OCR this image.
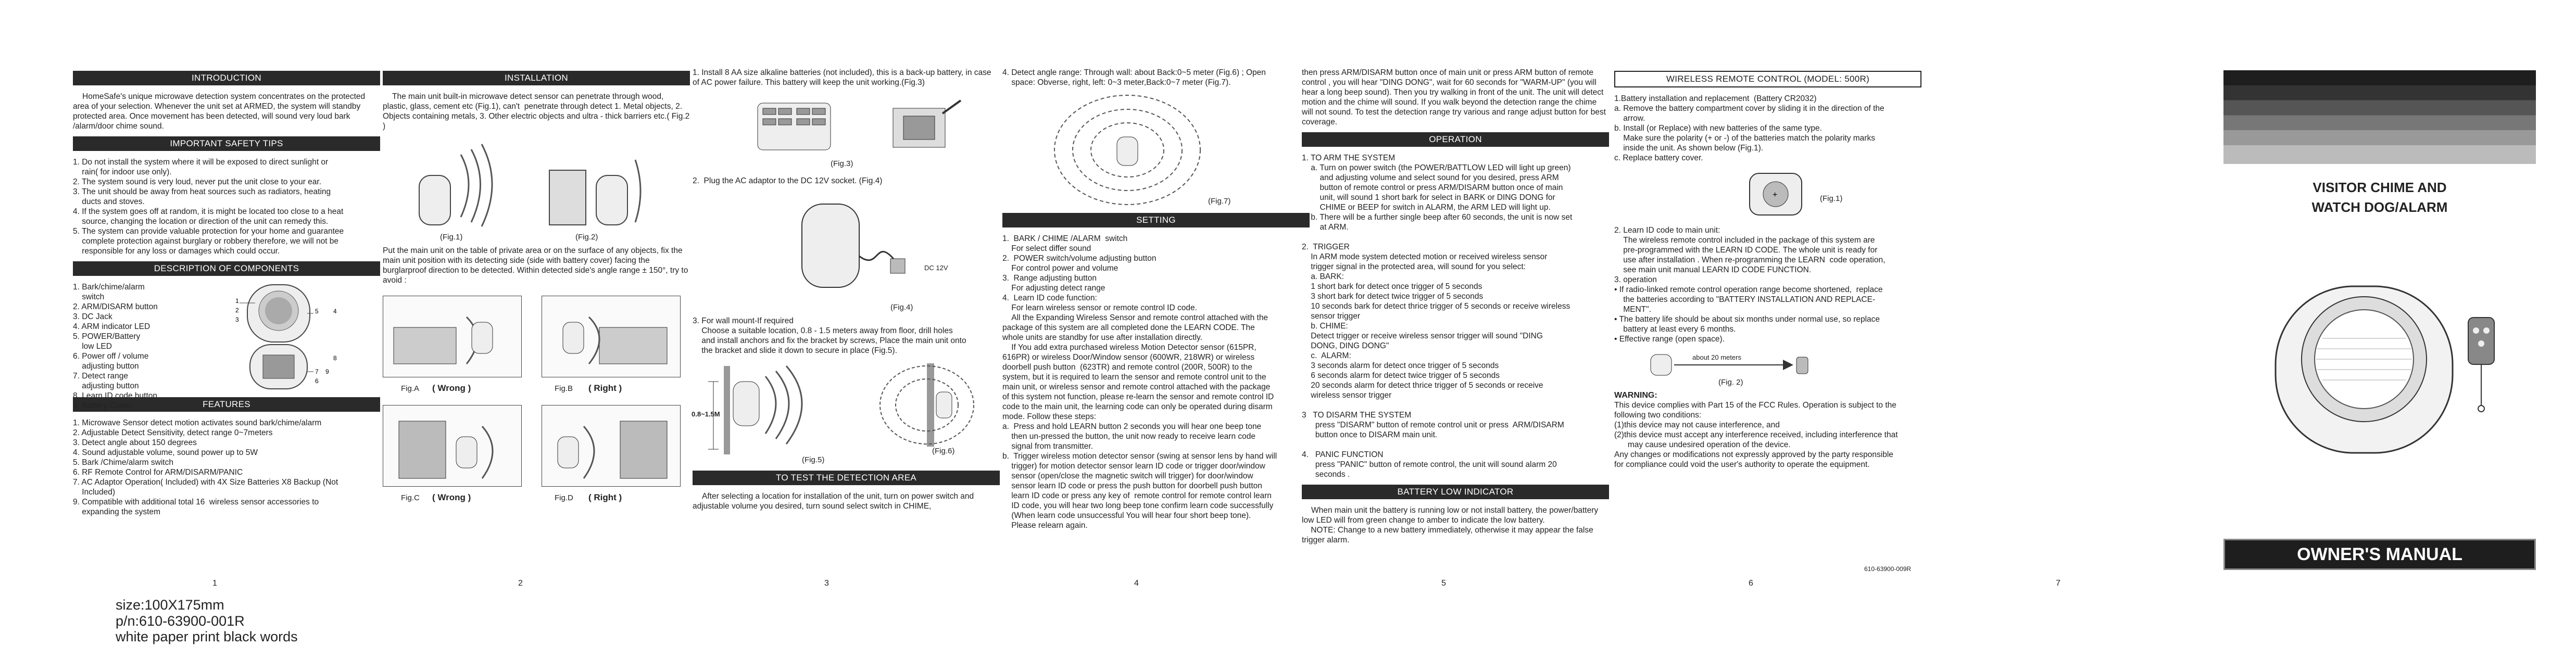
INTRODUCTION

HomeSafe's unique microwave detection system concentrates on the protected area of your selection. Whenever the unit set at ARMED, the system will standby protected area. Once movement has been detected, will sound very loud bark /alarm/door chime sound.

IMPORTANT SAFETY TIPS

1. Do not install the system where it will be exposed to direct sunlight or
rain( for indoor use only).
2. The system sound is very loud, never put the unit close to your ear.
3. The unit should be away from heat sources such as radiators, heating
ducts and stoves.
4. If the system goes off at random, it is might be located too close to a heat
source, changing the location or direction of the unit can remedy this.
5. The system can provide valuable protection for your home and guarantee
complete protection against burglary or robbery therefore, we will not be
responsible for any loss or damages which could occur.

DESCRIPTION OF COMPONENTS

1. Bark/chime/alarm
switch
2. ARM/DISARM button
3. DC Jack
4. ARM indicator LED
5. POWER/Battery
low LED
6. Power off / volume
adjusting button
7. Detect range
adjusting button
8. Learn ID code button
9. Battery Cover

1
2
3
5 4
8
7 9
6
FEATURES

1. Microwave Sensor detect motion activates sound bark/chime/alarm
2. Adjustable Detect Sensitivity, detect range 0~7meters
3. Detect angle about 150 degrees
4. Sound adjustable volume, sound power up to 5W
5. Bark /Chime/alarm switch
6. RF Remote Control for ARM/DISARM/PANIC
7. AC Adaptor Operation( Included) with 4X Size Batteries X8 Backup (Not
Included)
9. Compatible with additional total 16  wireless sensor accessories to
expanding the system

INSTALLATION

The main unit built-in microwave detect sensor can penetrate through wood, plastic, glass, cement etc (Fig.1), can't  penetrate through detect 1. Metal objects, 2. Objects containing metals, 3. Other electric objects and ultra - thick barriers etc.( Fig.2 )

(Fig.1)	(Fig.2)

Put the main unit on the table of private area or on the surface of any objects, fix the main unit position with its detecting side (side with battery cover) facing the burglarproof direction to be detected. Within detected side's angle range ± 150°, try to avoid :

Fig.A ( Wrong )	Fig.B ( Right )
Fig.C ( Wrong )	Fig.D ( Right )

1. Install 8 AA size alkaline batteries (not included), this is a back-up battery, in case of AC power failure. This battery will keep the unit working.(Fig.3)

(Fig.3)

2.  Plug the AC adaptor to the DC 12V socket. (Fig.4)

DC 12V
(Fig.4)

3. For wall mount-If required
Choose a suitable location, 0.8 - 1.5 meters away from floor, drill holes
and install anchors and fix the bracket by screws, Place the main unit onto
the bracket and slide it down to secure in place (Fig.5).

0.8~1.5M
(Fig.5)
(Fig.6)
TO TEST THE DETECTION AREA

After selecting a location for installation of the unit, turn on power switch and adjustable volume you desired, turn sound select switch in CHIME,

4. Detect angle range: Through wall: about Back:0~5 meter (Fig.6) ; Open
space: Obverse, right, left: 0~3 meter,Back:0~7 meter (Fig.7).

(Fig.7)
SETTING

1.  BARK / CHIME /ALARM  switch
For select differ sound
2.  POWER switch/volume adjusting button
For control power and volume
3.  Range adjusting button
For adjusting detect range
4.  Learn ID code function:
For learn wireless sensor or remote control ID code.
All the Expanding Wireless Sensor and remote control attached with the
package of this system are all completed done the LEARN CODE. The
whole units are standby for use after installation directly.
If You add extra purchased wireless Motion Detector sensor (615PR,
616PR) or wireless Door/Window sensor (600WR, 218WR) or wireless
doorbell push button  (623TR) and remote control (200R, 500R) to the
system, but it is required to learn the sensor and remote control unit to the
main unit, or wireless sensor and remote control attached with the package
of this system not function, please re-learn the sensor and remote control ID
code to the main unit, the learning code can only be operated during disarm
mode. Follow these steps:
a.  Press and hold LEARN button 2 seconds you will hear one beep tone
then un-pressed the button, the unit now ready to receive learn code
signal from transmitter.
b.  Trigger wireless motion detector sensor (swing at sensor lens by hand will
trigger) for motion detector sensor learn ID code or trigger door/window
sensor (open/close the magnetic switch will trigger) for door/window
sensor learn ID code or press the push button for doorbell push button
learn ID code or press any key of  remote control for remote control learn
ID code, you will hear two long beep tone confirm learn code successfully
(When learn code unsuccessful You will hear four short beep tone).
Please relearn again.

then press ARM/DISARM button once of main unit or press ARM button of remote control , you will hear "DING DONG", wait for 60 seconds for "WARM-UP" (you will hear a long beep sound). Then you try walking in front of the unit. The unit will detect motion and the chime will sound. If you walk beyond the detection range the chime will not sound. To test the detection range try various and range adjust button for best coverage.

OPERATION

1. TO ARM THE SYSTEM
a. Turn on power switch (the POWER/BATTLOW LED will light up green)
and adjusting volume and select sound for you desired, press ARM
button of remote control or press ARM/DISARM button once of main
unit, will sound 1 short bark for select in BARK or DING DONG for
CHIME or BEEP for switch in ALARM, the ARM LED will light up.
b. There will be a further single beep after 60 seconds, the unit is now set
at ARM.

2.  TRIGGER
In ARM mode system detected motion or received wireless sensor
trigger signal in the protected area, will sound for you select:
a. BARK:
1 short bark for detect once trigger of 5 seconds
3 short bark for detect twice trigger of 5 seconds
10 seconds bark for detect thrice trigger of 5 seconds or receive wireless
sensor trigger
b. CHIME:
Detect trigger or receive wireless sensor trigger will sound "DING
DONG, DING DONG"
c.  ALARM:
3 seconds alarm for detect once trigger of 5 seconds
6 seconds alarm for detect twice trigger of 5 seconds
20 seconds alarm for detect thrice trigger of 5 seconds or receive
wireless sensor trigger

3   TO DISARM THE SYSTEM
press "DISARM" button of remote control unit or press  ARM/DISARM
button once to DISARM main unit.

4.   PANIC FUNCTION
press "PANIC" button of remote control, the unit will sound alarm 20
seconds .

BATTERY LOW INDICATOR

When main unit the battery is running low or not install battery, the power/battery low LED will from green change to amber to indicate the low battery.
NOTE: Change to a new battery immediately, otherwise it may appear the false trigger alarm.

WIRELESS REMOTE CONTROL (MODEL: 500R)

1.Battery installation and replacement  (Battery CR2032)
a. Remove the battery compartment cover by sliding it in the direction of the
arrow.
b. Install (or Replace) with new batteries of the same type.
Make sure the polarity (+ or -) of the batteries match the polarity marks
inside the unit. As shown below (Fig.1).
c. Replace battery cover.

+	(Fig.1)

2. Learn ID code to main unit:
The wireless remote control included in the package of this system are
pre-programmed with the LEARN ID CODE. The whole unit is ready for
use after installation . When re-programming the LEARN  code operation,
see main unit manual LEARN ID CODE FUNCTION.
3. operation
• If radio-linked remote control operation range become shortened,  replace
the batteries according to "BATTERY INSTALLATION AND REPLACE-
MENT".
• The battery life should be about six months under normal use, so replace
battery at least every 6 months.
• Effective range (open space).

about 20 meters
(Fig. 2)
WARNING:

This device complies with Part 15 of the FCC Rules. Operation is subject to the following two conditions:
(1)this device may not cause interference, and
(2)this device must accept any interference received, including interference that
may cause undesired operation of the device.
Any changes or modifications not expressly approved by the party responsible
for compliance could void the user's authority to operate the equipment.

610-63900-009R
VISITOR CHIME AND
WATCH DOG/ALARM
OWNER'S MANUAL
1	2	3	4	5	6	7
size:100X175mm
p/n:610-63900-001R
white paper print black words
